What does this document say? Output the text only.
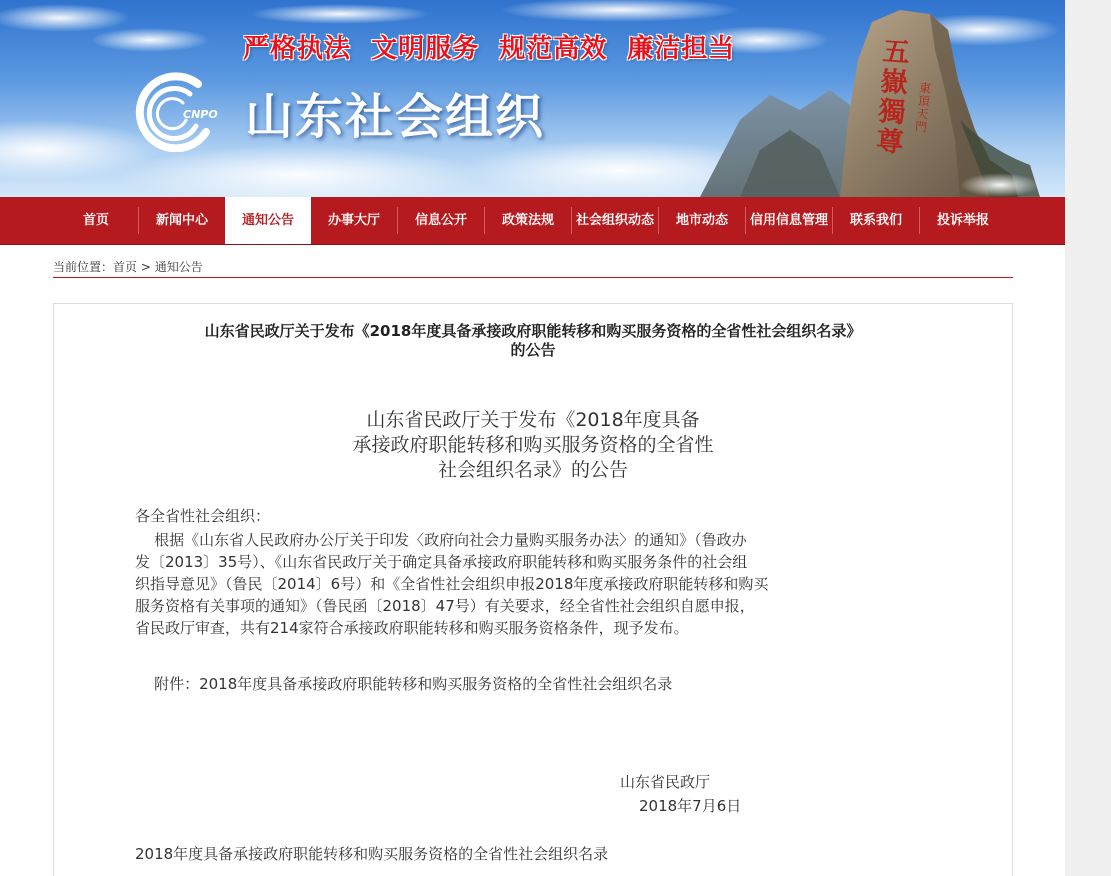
CNPO
严格执法  文明服务  规范高效  廉洁担当
山东社会组织
五嶽獨尊
東頂天門
首页	新闻中心	通知公告	办事大厅	信息公开	政策法规	社会组织动态	地市动态	信用信息管理	联系我们	投诉举报
当前位置：首页 > 通知公告
山东省民政厅关于发布《2018年度具备承接政府职能转移和购买服务资格的全省性社会组织名录》
的公告
山东省民政厅关于发布《2018年度具备
承接政府职能转移和购买服务资格的全省性
社会组织名录》的公告
各全省性社会组织：
根据《山东省人民政府办公厅关于印发〈政府向社会力量购买服务办法〉的通知》（鲁政办
发〔2013〕35号）、《山东省民政厅关于确定具备承接政府职能转移和购买服务条件的社会组
织指导意见》（鲁民〔2014〕6号）和《全省性社会组织申报2018年度承接政府职能转移和购买
服务资格有关事项的通知》（鲁民函〔2018〕47号）有关要求，经全省性社会组织自愿申报，
省民政厅审查，共有214家符合承接政府职能转移和购买服务资格条件，现予发布。
附件：2018年度具备承接政府职能转移和购买服务资格的全省性社会组织名录
山东省民政厅
2018年7月6日
2018年度具备承接政府职能转移和购买服务资格的全省性社会组织名录
